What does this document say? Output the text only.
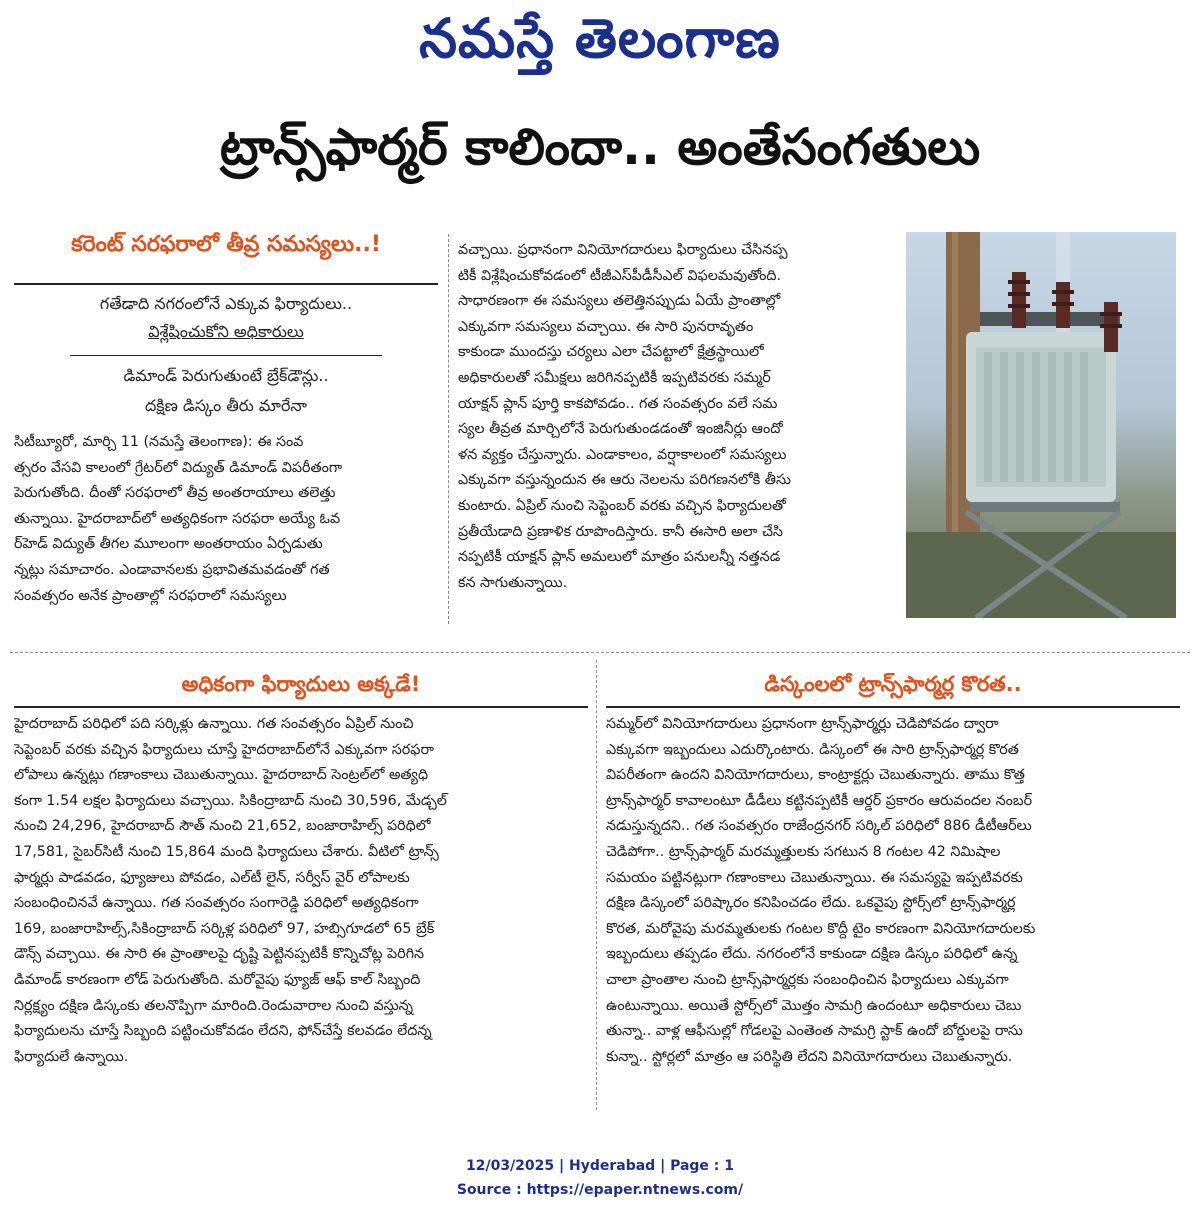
నమస్తే తెలంగాణ
ట్రాన్స్‌ఫార్మర్ కాలిందా.. అంతేసంగతులు
కరెంట్ సరఫరాలో తీవ్ర సమస్యలు..!
గతేడాది నగరంలోనే ఎక్కువ ఫిర్యాదులు..
విశ్లేషించుకోని అధికారులు
డిమాండ్ పెరుగుతుంటే బ్రేక్‌డౌన్లు..
దక్షిణ డిస్కం తీరు మారేనా
సిటీబ్యూరో, మార్చి 11 (నమస్తే తెలంగాణ): ఈ సంవ
త్సరం వేసవి కాలంలో గ్రేటర్‌లో విద్యుత్ డిమాండ్ విపరీతంగా
పెరుగుతోంది. దీంతో సరఫరాలో తీవ్ర అంతరాయాలు తలెత్తు
తున్నాయి. హైదరాబాద్‌లో అత్యధికంగా సరఫరా అయ్యే ఓవ
ర్‌హెడ్ విద్యుత్ తీగల మూలంగా అంతరాయం ఏర్పడుతు
న్నట్లు సమాచారం. ఎండావానలకు ప్రభావితమవడంతో గత
సంవత్సరం అనేక ప్రాంతాల్లో సరఫరాలో సమస్యలు
వచ్చాయి. ప్రధానంగా వినియోగదారులు ఫిర్యాదులు చేసినప్ప
టికీ విశ్లేషించుకోవడంలో టీజీఎస్‌పీడీసీఎల్ విఫలమవుతోంది.
సాధారణంగా ఈ సమస్యలు తలెత్తినప్పుడు ఏయే ప్రాంతాల్లో
ఎక్కువగా సమస్యలు వచ్చాయి. ఈ సారి పునరావృతం
కాకుండా ముందస్తు చర్యలు ఎలా చేపట్టాలో క్షేత్రస్థాయిలో
అధికారులతో సమీక్షలు జరిగినప్పటికీ ఇప్పటివరకు సమ్మర్
యాక్షన్ ప్లాన్ పూర్తి కాకపోవడం.. గత సంవత్సరం వలే సమ
స్యల తీవ్రత మార్చిలోనే పెరుగుతుండడంతో ఇంజినీర్లు ఆందో
ళన వ్యక్తం చేస్తున్నారు. ఎండాకాలం, వర్షాకాలంలో సమస్యలు
ఎక్కువగా వస్తున్నందున ఈ ఆరు నెలలను పరిగణనలోకి తీసు
కుంటారు. ఏప్రిల్ నుంచి సెప్టెంబర్ వరకు వచ్చిన ఫిర్యాదులతో
ప్రతీయేడాది ప్రణాళిక రూపొందిస్తారు. కానీ ఈసారి అలా చేసి
నప్పటికీ యాక్షన్ ప్లాన్ అమలులో మాత్రం పనులన్నీ నత్తనడ
కన సాగుతున్నాయి.
అధికంగా ఫిర్యాదులు అక్కడే!
హైదరాబాద్ పరిధిలో పది సర్కిళ్లు ఉన్నాయి. గత సంవత్సరం ఏప్రిల్ నుంచి
సెప్టెంబర్ వరకు వచ్చిన ఫిర్యాదులు చూస్తే హైదరాబాద్‌లోనే ఎక్కువగా సరఫరా
లోపాలు ఉన్నట్లు గణాంకాలు చెబుతున్నాయి. హైదరాబాద్ సెంట్రల్‌లో అత్యధి
కంగా 1.54 లక్షల ఫిర్యాదులు వచ్చాయి. సికింద్రాబాద్ నుంచి 30,596, మేడ్చల్
నుంచి 24,296, హైదరాబాద్ సౌత్ నుంచి 21,652, బంజారాహిల్స్ పరిధిలో
17,581, సైబర్‌సిటీ నుంచి 15,864 మంది ఫిర్యాదులు చేశారు. వీటిలో ట్రాన్స్
ఫార్మర్లు పాడవడం, ఫ్యూజులు పోవడం, ఎల్‌టీ లైన్, సర్వీస్ వైర్ లోపాలకు
సంబంధించినవే ఉన్నాయి. గత సంవత్సరం సంగారెడ్డి పరిధిలో అత్యధికంగా
169, బంజారాహిల్స్,సికింద్రాబాద్ సర్కిళ్ల పరిధిలో 97, హబ్సిగూడలో 65 బ్రేక్
డౌన్స్ వచ్చాయి. ఈ సారి ఈ ప్రాంతాలపై దృష్టి పెట్టినప్పటికీ కొన్నిచోట్ల పెరిగిన
డిమాండ్ కారణంగా లోడ్ పెరుగుతోంది. మరోవైపు ఫ్యూజ్ ఆఫ్ కాల్ సిబ్బంది
నిర్లక్ష్యం దక్షిణ డిస్కంకు తలనొప్పిగా మారింది.రెండువారాల నుంచి వస్తున్న
ఫిర్యాదులను చూస్తే సిబ్బంది పట్టించుకోవడం లేదని, ఫోన్‌చేస్తే కలవడం లేదన్న
ఫిర్యాదులే ఉన్నాయి.
డిస్కంలలో ట్రాన్స్‌ఫార్మర్ల కొరత..
సమ్మర్‌లో వినియోగదారులు ప్రధానంగా ట్రాన్స్‌ఫార్మర్లు చెడిపోవడం ద్వారా
ఎక్కువగా ఇబ్బందులు ఎదుర్కొంటారు. డిస్కంలో ఈ సారి ట్రాన్స్‌ఫార్మర్ల కొరత
విపరీతంగా ఉందని వినియోగదారులు, కాంట్రాక్టర్లు చెబుతున్నారు. తాము కొత్త
ట్రాన్స్‌ఫార్మర్ కావాలంటూ డీడీలు కట్టినప్పటికీ ఆర్డర్ ప్రకారం ఆరువందల నంబర్
నడుస్తున్నదని.. గత సంవత్సరం రాజేంద్రనగర్ సర్కిల్ పరిధిలో 886 డీటీఆర్‌లు
చెడిపోగా.. ట్రాన్స్‌ఫార్మర్ మరమ్మత్తులకు సగటున 8 గంటల 42 నిమిషాల
సమయం పట్టినట్లుగా గణాంకాలు చెబుతున్నాయి. ఈ సమస్యపై ఇప్పటివరకు
దక్షిణ డిస్కంలో పరిష్కారం కనిపించడం లేదు. ఒకవైపు స్టోర్స్‌లో ట్రాన్స్‌ఫార్మర్ల
కొరత, మరోవైపు మరమ్మతులకు గంటల కొద్దీ టైం కారణంగా వినియోగదారులకు
ఇబ్బందులు తప్పడం లేదు. నగరంలోనే కాకుండా దక్షిణ డిస్కం పరిధిలో ఉన్న
చాలా ప్రాంతాల నుంచి ట్రాన్స్‌ఫార్మర్లకు సంబంధించిన ఫిర్యాదులు ఎక్కువగా
ఉంటున్నాయి. అయితే స్టోర్స్‌లో మొత్తం సామగ్రి ఉందంటూ అధికారులు చెబు
తున్నా.. వాళ్ల ఆఫీసుల్లో గోడలపై ఎంతెంత సామగ్రి స్టాక్ ఉందో బోర్డులపై రాసు
కున్నా.. స్టోర్లలో మాత్రం ఆ పరిస్థితి లేదని వినియోగదారులు చెబుతున్నారు.
12/03/2025 | Hyderabad | Page : 1
Source : https://epaper.ntnews.com/
